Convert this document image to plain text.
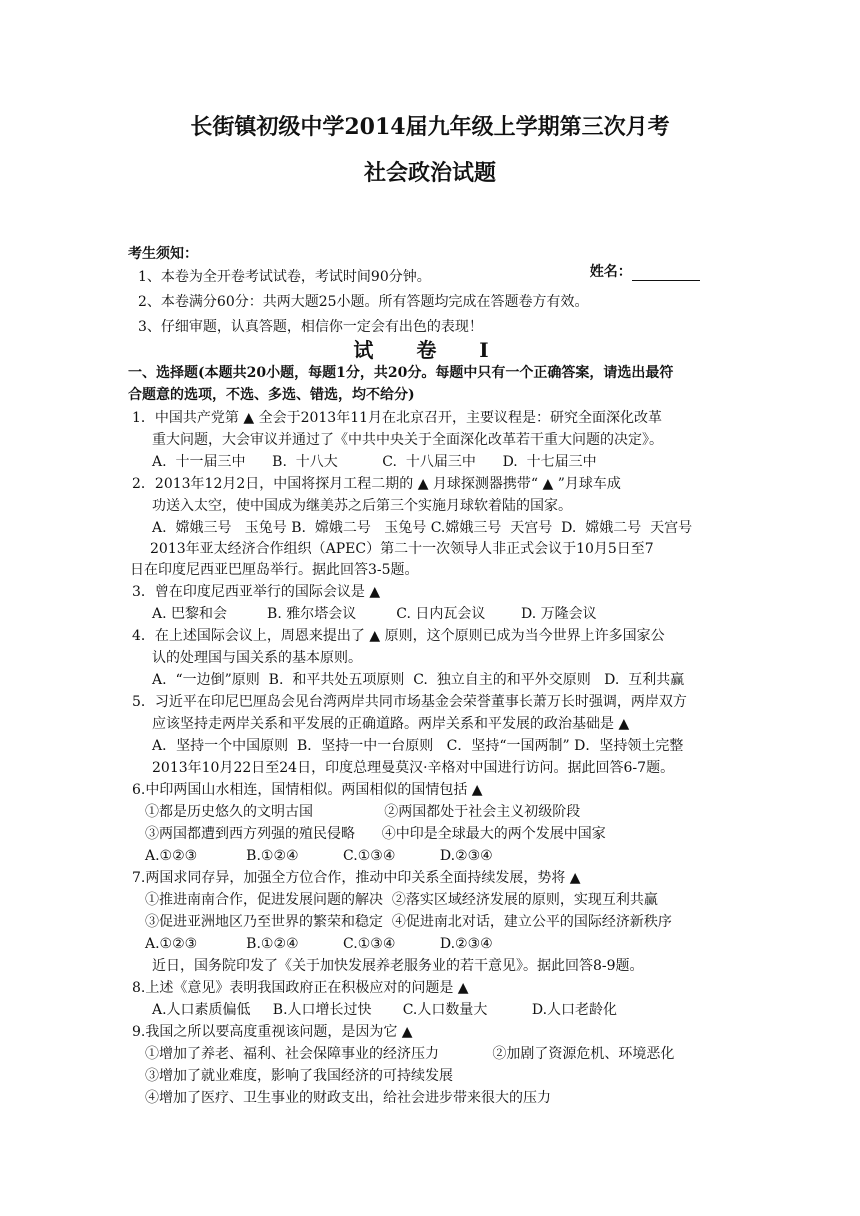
长街镇初级中学2014届九年级上学期第三次月考
社会政治试题
考生须知：

姓名：

1、本卷为全开卷考试试卷，考试时间90分钟。
2、本卷满分60分：共两大题25小题。所有答题均完成在答题卷方有效。
3、仔细审题，认真答题，相信你一定会有出色的表现！
试 卷 Ⅰ
一、选择题(本题共20小题，每题1分，共20分。每题中只有一个正确答案，请选出最符
合题意的选项，不选、多选、错选，均不给分)
1．中国共产党第 ▲ 全会于2013年11月在北京召开，主要议程是：研究全面深化改革
重大问题，大会审议并通过了《中共中央关于全面深化改革若干重大问题的决定》。
A.  十一届三中      B.  十八大          C.  十八届三中      D.  十七届三中
2．2013年12月2日，中国将探月工程二期的 ▲ 月球探测器携带“ ▲ ”月球车成
功送入太空，使中国成为继美苏之后第三个实施月球软着陆的国家。
A.  嫦娥三号   玉兔号 B.  嫦娥二号   玉兔号 C.嫦娥三号  天宫号  D.  嫦娥二号  天宫号
2013年亚太经济合作组织（APEC）第二十一次领导人非正式会议于10月5日至7
日在印度尼西亚巴厘岛举行。据此回答3-5题。
3．曾在印度尼西亚举行的国际会议是 ▲
A. 巴黎和会         B. 雅尔塔会议         C. 日内瓦会议        D. 万隆会议
4．在上述国际会议上，周恩来提出了 ▲ 原则，这个原则已成为当今世界上许多国家公
认的处理国与国关系的基本原则。
A.  “一边倒”原则  B.  和平共处五项原则  C.  独立自主的和平外交原则   D.  互利共赢
5．习近平在印尼巴厘岛会见台湾两岸共同市场基金会荣誉董事长萧万长时强调，两岸双方
应该坚持走两岸关系和平发展的正确道路。两岸关系和平发展的政治基础是 ▲
A．坚持一个中国原则  B．坚持一中一台原则   C．坚持“一国两制” D．坚持领土完整
2013年10月22日至24日，印度总理曼莫汉·辛格对中国进行访问。据此回答6-7题。
6.中印两国山水相连，国情相似。两国相似的国情包括 ▲
①都是历史悠久的文明古国                ②两国都处于社会主义初级阶段
③两国都遭到西方列强的殖民侵略      ④中印是全球最大的两个发展中国家
A.①②③           B.①②④          C.①③④          D.②③④
7.两国求同存异，加强全方位合作，推动中印关系全面持续发展，势将 ▲
①推进南南合作，促进发展问题的解决  ②落实区域经济发展的原则，实现互利共赢
③促进亚洲地区乃至世界的繁荣和稳定  ④促进南北对话，建立公平的国际经济新秩序
A.①②③           B.①②④          C.①③④          D.②③④
近日，国务院印发了《关于加快发展养老服务业的若干意见》。据此回答8-9题。
8.上述《意见》表明我国政府正在积极应对的问题是 ▲
A.人口素质偏低     B.人口增长过快       C.人口数量大          D.人口老龄化
9.我国之所以要高度重视该问题，是因为它 ▲
①增加了养老、福利、社会保障事业的经济压力            ②加剧了资源危机、环境恶化
③增加了就业难度，影响了我国经济的可持续发展
④增加了医疗、卫生事业的财政支出，给社会进步带来很大的压力
